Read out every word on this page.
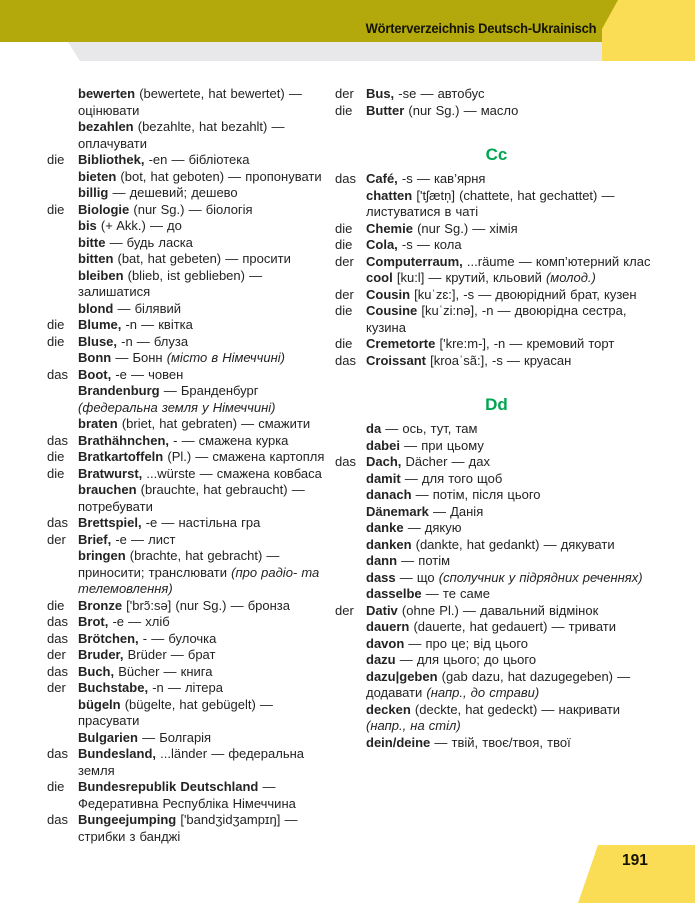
Wörterverzeichnis Deutsch-Ukrainisch
bewerten (bewertete, hat bewertet) — оцінювати
bezahlen (bezahlte, hat bezahlt) — оплачувати
die	Bibliothek, -en — бібліотека
bieten (bot, hat geboten) — пропонувати
billig — дешевий; дешево
die	Biologie (nur Sg.) — біологія
bis (+ Akk.) — до
bitte — будь ласка
bitten (bat, hat gebeten) — просити
bleiben (blieb, ist geblieben) — залишатися
blond — білявий
die	Blume, -n — квітка
die	Bluse, -n — блуза
Bonn — Бонн (місто в Німеччині)
das Boot, -e — човен
Brandenburg — Бранденбург (федеральна земля у Німеччині)
braten (briet, hat gebraten) — смажити
das Brathähnchen, - — смажена курка
die	Bratkartoffeln (Pl.) — смажена картопля
die	Bratwurst, ...würste — смажена ковбаса
brauchen (brauchte, hat gebraucht) — потребувати
das Brettspiel, -e — настільна гра
der Brief, -e — лист
bringen (brachte, hat gebracht) — приносити; транслювати (про радіо- та телемовлення)
die	Bronze ['brɔ̃:sə] (nur Sg.) — бронза
das Brot, -e — хліб
das Brötchen, - — булочка
der Bruder, Brüder — брат
das Buch, Bücher — книга
der Buchstabe, -n — літера
bügeln (bügelte, hat gebügelt) — прасувати
Bulgarien — Болгарія
das Bundesland, ...länder — федеральна земля
die	Bundesrepublik Deutschland — Федеративна Республіка Німеччина
das Bungeejumping ['bandʒidʒampɪŋ] — стрибки з банджі
der Bus, -se — автобус
die	Butter (nur Sg.) — масло
Cc
das Café, -s — кав’ярня
chatten ['tʃætn̩] (chattete, hat gechattet) — листуватися в чаті
die	Chemie (nur Sg.) — хімія
die	Cola, -s — кола
der Computerraum, ...räume — комп’ютерний клас
cool [ku:l] — крутий, кльовий (молод.)
der Cousin [kuˈzɛ:], -s — двоюрідний брат, кузен
die	Cousine [kuˈzi:nə], -n — двоюрідна сестра, кузина
die	Cremetorte ['kre:m-], -n — кремовий торт
das Croissant [kroaˈsã:], -s — круасан
Dd
da — ось, тут, там
dabei — при цьому
das Dach, Dächer — дах
damit — для того щоб
danach — потім, після цього
Dänemark — Данія
danke — дякую
danken (dankte, hat gedankt) — дякувати
dann — потім
dass — що (сполучник у підрядних реченнях)
dasselbe — те саме
der Dativ (ohne Pl.) — давальний відмінок
dauern (dauerte, hat gedauert) — тривати
davon — про це; від цього
dazu — для цього; до цього
dazu|geben (gab dazu, hat dazugegeben) — додавати (напр., до страви)
decken (deckte, hat gedeckt) — накривати (напр., на стіл)
dein/deine — твій, твоє/твоя, твої
191
